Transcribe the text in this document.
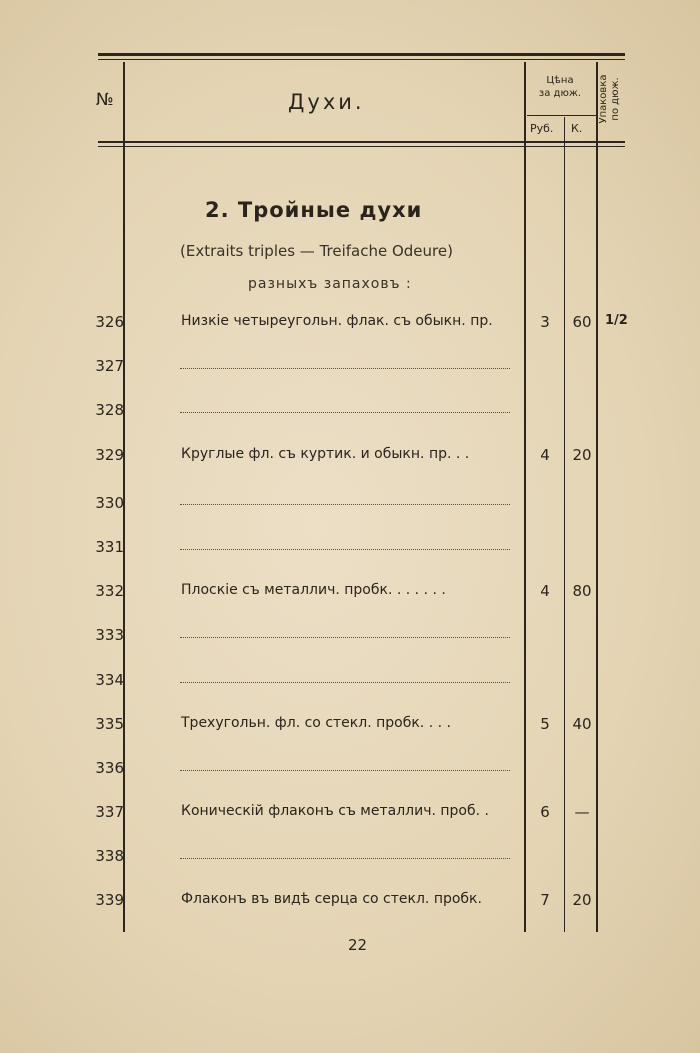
№	Духи.
Цѣна
за дюж.
Руб. К.
Упаковка по дюж.
2. Тройные духи
(Extraits triples — Treifache Odeure)
разныхъ запаховъ :
326	Низкіе четыреугольн. флак. съ обыкн. пр.	3	60	1/2
327
328
329	Круглые фл. съ куртик. и обыкн. пр. . .	4	20
330
331
332	Плоскіе съ металлич. пробк. . . . . . .	4	80
333
334
335	Трехугольн. фл. со стекл. пробк. . . .	5	40
336
337	Коническій флаконъ съ металлич. проб. .	6	—
338
339	Флаконъ въ видѣ серца со стекл. пробк.	7	20
22
